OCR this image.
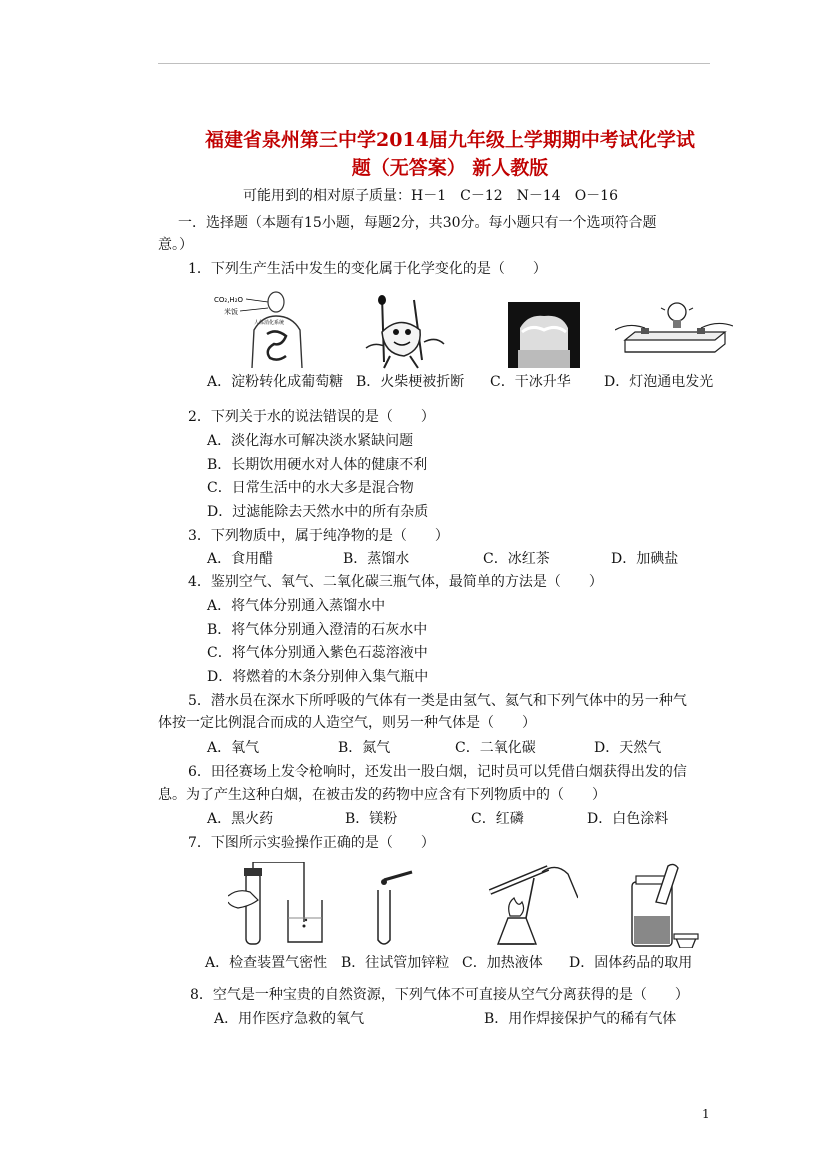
福建省泉州第三中学2014届九年级上学期期中考试化学试
题（无答案） 新人教版
可能用到的相对原子质量：H－1　C－12　N－14　O－16
一．选择题（本题有15小题，每题2分，共30分。每小题只有一个选项符合题
意。）
1．下列生产生活中发生的变化属于化学变化的是（　　）
CO₂,H₂O
米饭
人体消化系统
A．淀粉转化成葡萄糖 B．火柴梗被折断 C．干冰升华 D．灯泡通电发光
2．下列关于水的说法错误的是（　　）
A．淡化海水可解决淡水紧缺问题
B．长期饮用硬水对人体的健康不利
C．日常生活中的水大多是混合物
D．过滤能除去天然水中的所有杂质
3．下列物质中，属于纯净物的是（　　）
A．食用醋	B．蒸馏水	C．冰红茶	D．加碘盐
4．鉴别空气、氧气、二氧化碳三瓶气体，最简单的方法是（　　）
A．将气体分别通入蒸馏水中
B．将气体分别通入澄清的石灰水中
C．将气体分别通入紫色石蕊溶液中
D．将燃着的木条分别伸入集气瓶中
5．潜水员在深水下所呼吸的气体有一类是由氢气、氦气和下列气体中的另一种气
体按一定比例混合而成的人造空气，则另一种气体是（　　）
A．氧气	B．氮气	C．二氧化碳	D．天然气
6．田径赛场上发令枪响时，还发出一股白烟，记时员可以凭借白烟获得出发的信
息。为了产生这种白烟，在被击发的药物中应含有下列物质中的（　　）
A．黑火药	B．镁粉	C．红磷	D．白色涂料
7．下图所示实验操作正确的是（　　）
A．检查装置气密性 B．往试管加锌粒 C．加热液体 D．固体药品的取用
8．空气是一种宝贵的自然资源，下列气体不可直接从空气分离获得的是（　　）
A．用作医疗急救的氧气	B．用作焊接保护气的稀有气体
1
